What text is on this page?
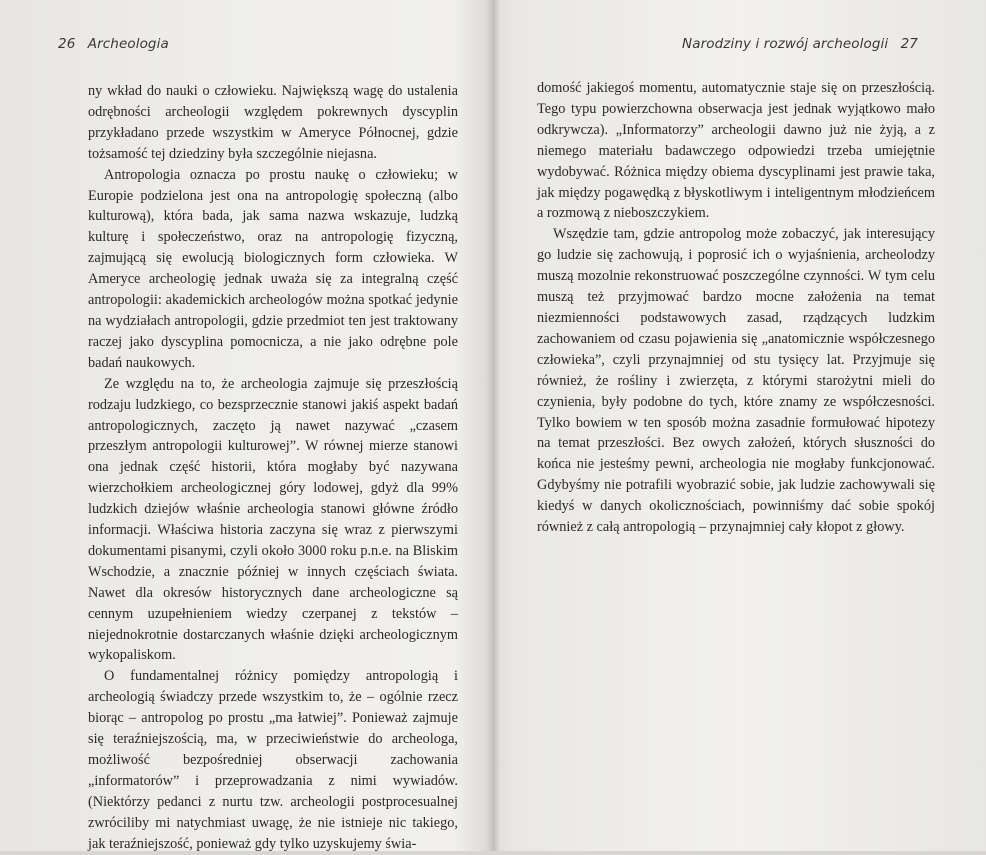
26 Archeologia

ny wkład do nauki o człowieku. Największą wagę do ustalenia odrębności archeologii względem pokrewnych dyscyplin przykładano przede wszystkim w Ameryce Północnej, gdzie tożsamość tej dziedziny była szczególnie niejasna.

Antropologia oznacza po prostu naukę o człowieku; w Europie podzielona jest ona na antropologię społeczną (albo kulturową), która bada, jak sama nazwa wskazuje, ludzką kulturę i społeczeństwo, oraz na antropologię fizyczną, zajmującą się ewolucją biologicznych form człowieka. W Ameryce archeologię jednak uważa się za integralną część antropologii: akademickich archeologów można spotkać jedynie na wydziałach antropologii, gdzie przedmiot ten jest traktowany raczej jako dyscyplina pomocnicza, a nie jako odrębne pole badań naukowych.

Ze względu na to, że archeologia zajmuje się przeszłością rodzaju ludzkiego, co bezsprzecznie stanowi jakiś aspekt badań antropologicznych, zaczęto ją nawet nazywać „czasem przeszłym antropologii kulturowej”. W równej mierze stanowi ona jednak część historii, która mogłaby być nazywana wierzchołkiem archeologicznej góry lodowej, gdyż dla 99% ludzkich dziejów właśnie archeologia stanowi główne źródło informacji. Właściwa historia zaczyna się wraz z pierwszymi dokumentami pisanymi, czyli około 3000 roku p.n.e. na Bliskim Wschodzie, a znacznie później w innych częściach świata. Nawet dla okresów historycznych dane archeologiczne są cennym uzupełnieniem wiedzy czerpanej z tekstów – niejednokrotnie dostarczanych właśnie dzięki archeologicznym wykopaliskom.

O fundamentalnej różnicy pomiędzy antropologią i archeologią świadczy przede wszystkim to, że – ogólnie rzecz biorąc – antropolog po prostu „ma łatwiej”. Ponieważ zajmuje się teraźniejszością, ma, w przeciwieństwie do archeologa, możliwość bezpośredniej obserwacji zachowania „informatorów” i przeprowadzania z nimi wywiadów. (Niektórzy pedanci z nurtu tzw. archeologii postprocesualnej zwróciliby mi natychmiast uwagę, że nie istnieje nic takiego, jak teraźniejszość, ponieważ gdy tylko uzyskujemy świa-

Narodziny i rozwój archeologii 27

domość jakiegoś momentu, automatycznie staje się on przeszłością. Tego typu powierzchowna obserwacja jest jednak wyjątkowo mało odkrywcza). „Informatorzy” archeologii dawno już nie żyją, a z niemego materiału badawczego odpowiedzi trzeba umiejętnie wydobywać. Różnica między obiema dyscyplinami jest prawie taka, jak między pogawędką z błyskotliwym i inteligentnym młodzieńcem a rozmową z nieboszczykiem.

Wszędzie tam, gdzie antropolog może zobaczyć, jak interesujący go ludzie się zachowują, i poprosić ich o wyjaśnienia, archeolodzy muszą mozolnie rekonstruować poszczególne czynności. W tym celu muszą też przyjmować bardzo mocne założenia na temat niezmienności podstawowych zasad, rządzących ludzkim zachowaniem od czasu pojawienia się „anatomicznie współczesnego człowieka”, czyli przynajmniej od stu tysięcy lat. Przyjmuje się również, że rośliny i zwierzęta, z którymi starożytni mieli do czynienia, były podobne do tych, które znamy ze współczesności. Tylko bowiem w ten sposób można zasadnie formułować hipotezy na temat przeszłości. Bez owych założeń, których słuszności do końca nie jesteśmy pewni, archeologia nie mogłaby funkcjonować. Gdybyśmy nie potrafili wyobrazić sobie, jak ludzie zachowywali się kiedyś w danych okolicznościach, powinniśmy dać sobie spokój również z całą antropologią – przynajmniej cały kłopot z głowy.
